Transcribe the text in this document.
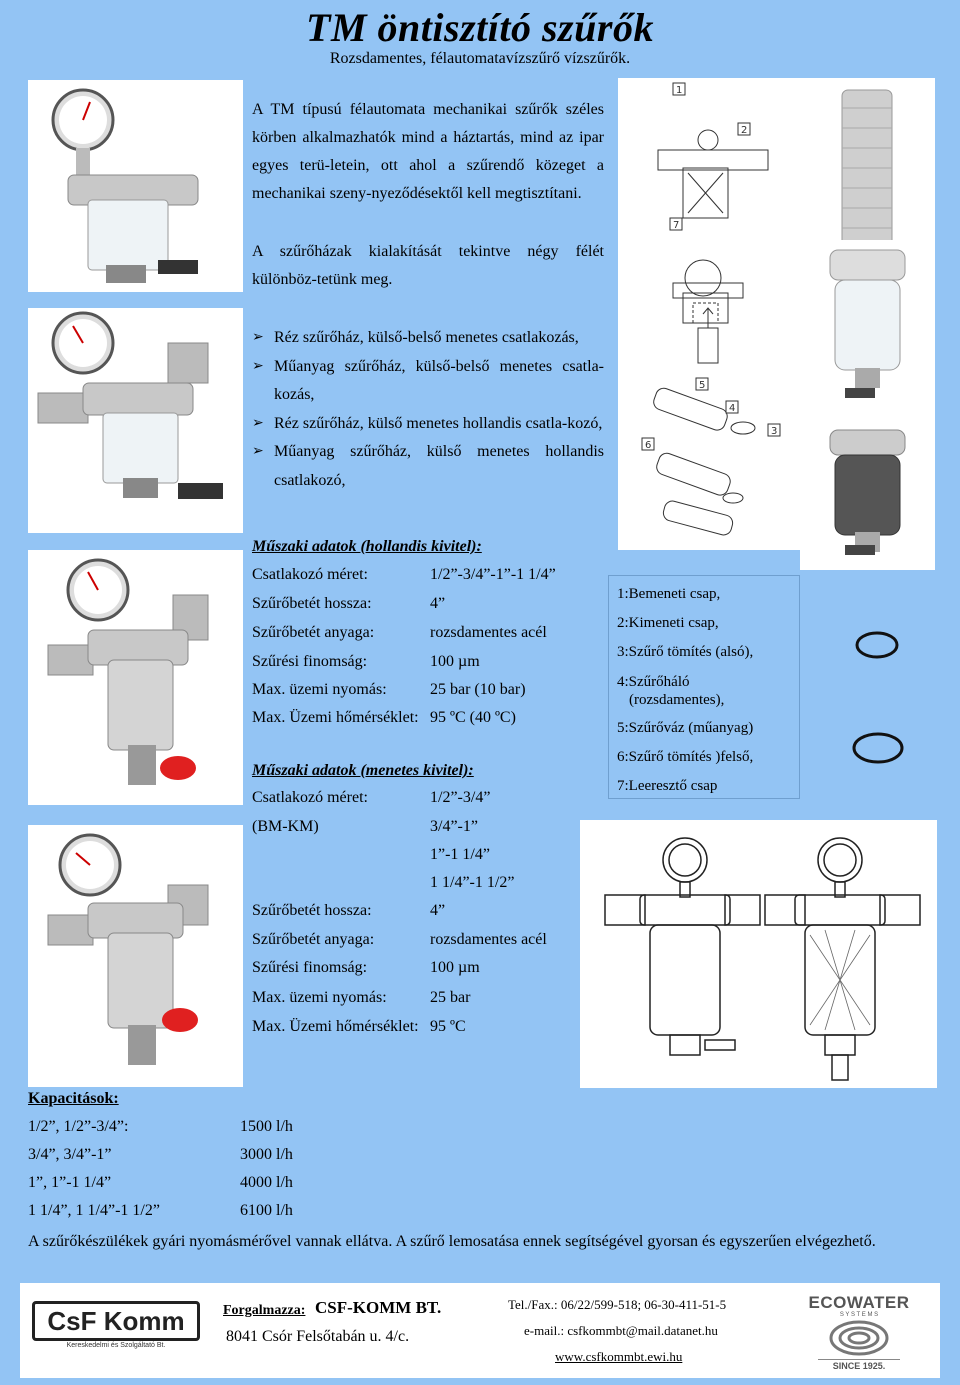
TM öntisztító szűrők
Rozsdamentes, félautomatavízszűrő vízszűrők.
A TM típusú félautomata mechanikai szűrők széles körben alkalmazhatók mind a háztartás, mind az ipar egyes terü-letein, ott ahol a szűrendő közeget a mechanikai szeny-nyeződésektől kell megtisztítani.
A szűrőházak kialakítását tekintve négy félét különböz-tetünk meg.
➢ Réz szűrőház, külső-belső menetes csatlakozás,
➢ Műanyag szűrőház, külső-belső menetes csatla-kozás,
➢ Réz szűrőház, külső menetes hollandis csatla-kozó,
➢ Műanyag szűrőház, külső menetes hollandis csatlakozó,
Műszaki adatok (hollandis kivitel):
Csatlakozó méret:	1/2”-3/4”-1”-1 1/4”
Szűrőbetét hossza:	4”
Szűrőbetét anyaga:	rozsdamentes acél
Szűrési finomság:	100 µm
Max. üzemi nyomás:	25 bar (10 bar)
Max. Üzemi hőmérséklet: 95 ºC (40 ºC)
Műszaki adatok (menetes kivitel):
Csatlakozó méret:	1/2”-3/4”
(BM-KM)	3/4”-1”
1”-1 1/4”
1 1/4”-1 1/2”
Szűrőbetét hossza:	4”
Szűrőbetét anyaga:	rozsdamentes acél
Szűrési finomság:	100 µm
Max. üzemi nyomás:	25 bar
Max. Üzemi hőmérséklet: 95 ºC
1
2
7
5
4
6
3
1:Bemeneti csap,
2:Kimeneti csap,
3:Szűrő tömítés (alsó),
4:Szűrőháló
(rozsdamentes),
5:Szűrőváz (műanyag)
6:Szűrő tömítés )felső,
7:Leeresztő csap
Kapacitások:
1/2”, 1/2”-3/4”:	1500 l/h
3/4”, 3/4”-1”	3000 l/h
1”, 1”-1 1/4”	4000 l/h
1 1/4”, 1 1/4”-1 1/2”	6100 l/h
A szűrőkészülékek gyári nyomásmérővel vannak ellátva. A szűrő lemosatása ennek segítségével gyorsan és egyszerűen elvégezhető.
CsF Komm
Kereskedelmi és Szolgáltató Bt.
Forgalmazza: CSF-KOMM BT.
8041 Csór Felsőtabán u. 4/c.
Tel./Fax.: 06/22/599-518; 06-30-411-51-5
e-mail.: csfkommbt@mail.datanet.hu
www.csfkommbt.ewi.hu
ECOWATER
S Y S T E M S
SINCE 1925.
